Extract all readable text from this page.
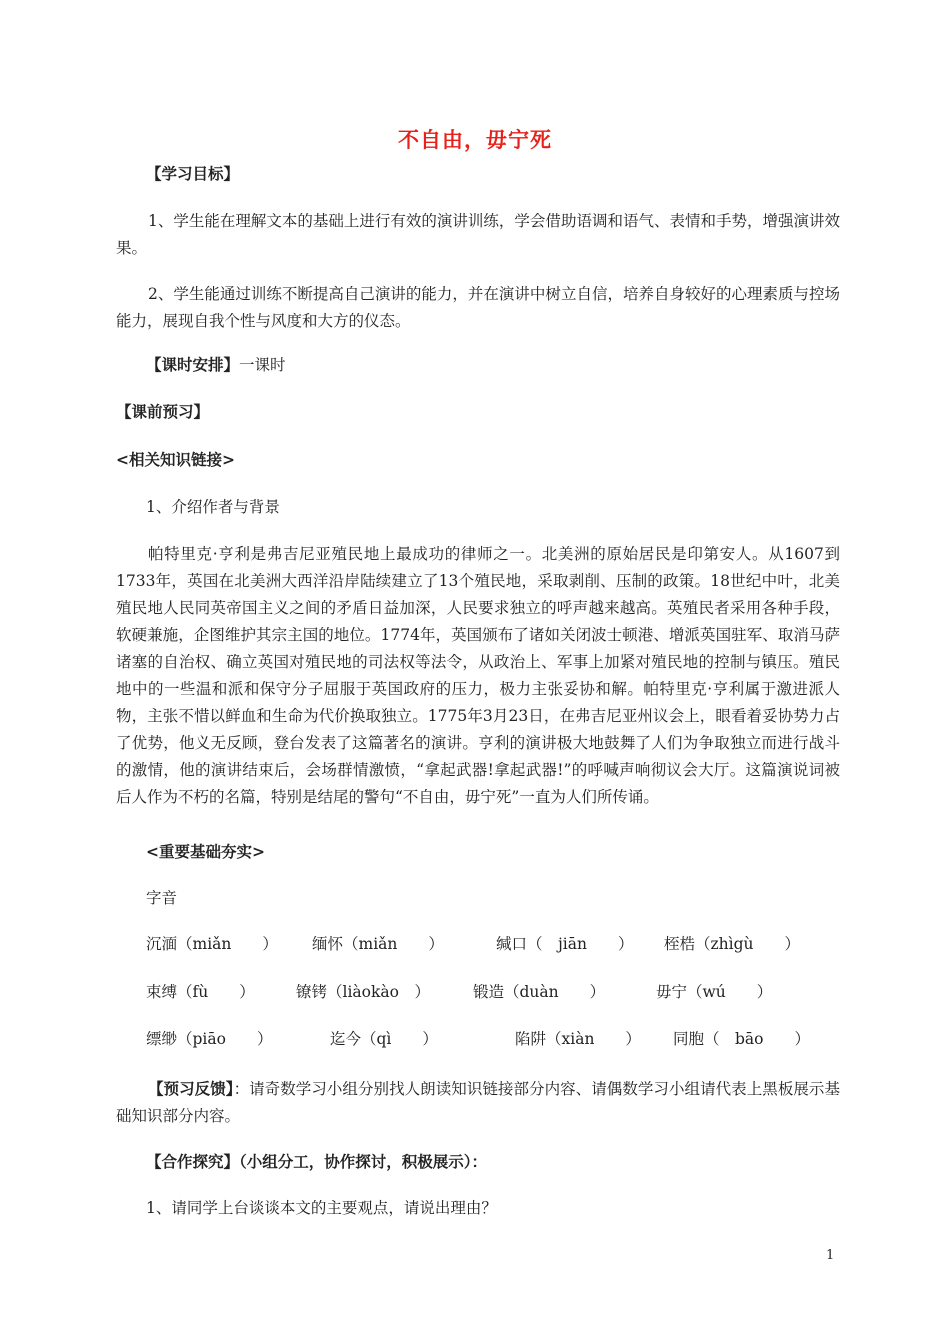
不自由，毋宁死
【学习目标】
1、学生能在理解文本的基础上进行有效的演讲训练，学会借助语调和语气、表情和手势，增强演讲效果。
2、学生能通过训练不断提高自己演讲的能力，并在演讲中树立自信，培养自身较好的心理素质与控场能力，展现自我个性与风度和大方的仪态。
【课时安排】一课时
【课前预习】
<相关知识链接>
1、介绍作者与背景
帕特里克·亨利是弗吉尼亚殖民地上最成功的律师之一。北美洲的原始居民是印第安人。从1607到1733年，英国在北美洲大西洋沿岸陆续建立了13个殖民地，采取剥削、压制的政策。18世纪中叶，北美殖民地人民同英帝国主义之间的矛盾日益加深，人民要求独立的呼声越来越高。英殖民者采用各种手段，软硬兼施，企图维护其宗主国的地位。1774年，英国颁布了诸如关闭波士顿港、增派英国驻军、取消马萨诸塞的自治权、确立英国对殖民地的司法权等法令，从政治上、军事上加紧对殖民地的控制与镇压。殖民地中的一些温和派和保守分子屈服于英国政府的压力，极力主张妥协和解。帕特里克·亨利属于激进派人物，主张不惜以鲜血和生命为代价换取独立。1775年3月23日，在弗吉尼亚州议会上，眼看着妥协势力占了优势，他义无反顾，登台发表了这篇著名的演讲。亨利的演讲极大地鼓舞了人们为争取独立而进行战斗的激情，他的演讲结束后，会场群情激愤，“拿起武器!拿起武器!”的呼喊声响彻议会大厅。这篇演说词被后人作为不朽的名篇，特别是结尾的警句“不自由，毋宁死”一直为人们所传诵。
<重要基础夯实>
字音
沉湎（miǎn　　） 缅怀（miǎn　　）	缄口（　jiān　　） 桎梏（zhìgù　　）
束缚（fù　　）	镣铐（liàokào　）	锻造（duàn　　）	毋宁（wú　　）
缥缈（piāo　　）	迄今（qì　　）	陷阱（xiàn　　） 同胞（　bāo　　）
【预习反馈】：请奇数学习小组分别找人朗读知识链接部分内容、请偶数学习小组请代表上黑板展示基础知识部分内容。
【合作探究】（小组分工，协作探讨，积极展示）：
1、请同学上台谈谈本文的主要观点，请说出理由？
1
